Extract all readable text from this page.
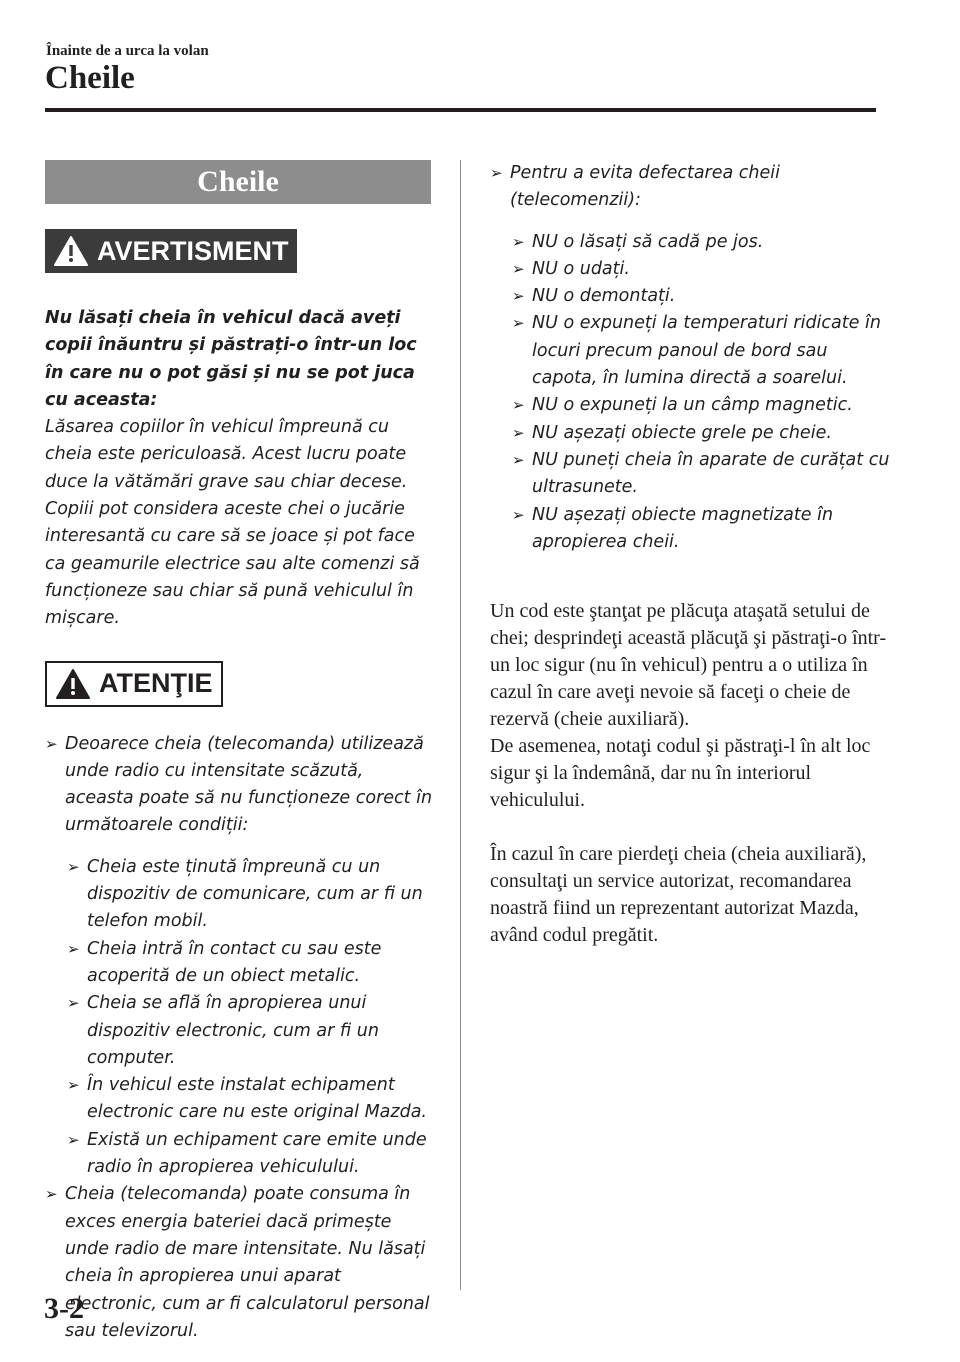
Înainte de a urca la volan
Cheile
Cheile
AVERTISMENT
Nu lăsați cheia în vehicul dacă aveți copii înăuntru și păstrați-o într-un loc în care nu o pot găsi și nu se pot juca cu aceasta:
Lăsarea copiilor în vehicul împreună cu cheia este periculoasă. Acest lucru poate duce la vătămări grave sau chiar decese. Copiii pot considera aceste chei o jucărie interesantă cu care să se joace și pot face ca geamurile electrice sau alte comenzi să funcționeze sau chiar să pună vehiculul în mișcare.
ATENŢIE
➢ Deoarece cheia (telecomanda) utilizează unde radio cu intensitate scăzută, aceasta poate să nu funcționeze corect în următoarele condiții:
➢ Cheia este ținută împreună cu un dispozitiv de comunicare, cum ar fi un telefon mobil.
➢ Cheia intră în contact cu sau este acoperită de un obiect metalic.
➢ Cheia se află în apropierea unui dispozitiv electronic, cum ar fi un computer.
➢ În vehicul este instalat echipament electronic care nu este original Mazda.
➢ Există un echipament care emite unde radio în apropierea vehiculului.
➢ Cheia (telecomanda) poate consuma în exces energia bateriei dacă primește unde radio de mare intensitate. Nu lăsați cheia în apropierea unui aparat electronic, cum ar fi calculatorul personal sau televizorul.
➢ Pentru a evita defectarea cheii (telecomenzii):
➢ NU o lăsați să cadă pe jos.
➢ NU o udați.
➢ NU o demontați.
➢ NU o expuneți la temperaturi ridicate în locuri precum panoul de bord sau capota, în lumina directă a soarelui.
➢ NU o expuneți la un câmp magnetic.
➢ NU așezați obiecte grele pe cheie.
➢ NU puneți cheia în aparate de curățat cu ultrasunete.
➢ NU așezați obiecte magnetizate în apropierea cheii.
Un cod este ştanţat pe plăcuţa ataşată setului de chei; desprindeţi această plăcuţă şi păstraţi-o într-un loc sigur (nu în vehicul) pentru a o utiliza în cazul în care aveţi nevoie să faceţi o cheie de rezervă (cheie auxiliară).
De asemenea, notaţi codul şi păstraţi-l în alt loc sigur şi la îndemână, dar nu în interiorul vehiculului.
În cazul în care pierdeţi cheia (cheia auxiliară), consultaţi un service autorizat, recomandarea noastră fiind un reprezentant autorizat Mazda, având codul pregătit.
3-2
